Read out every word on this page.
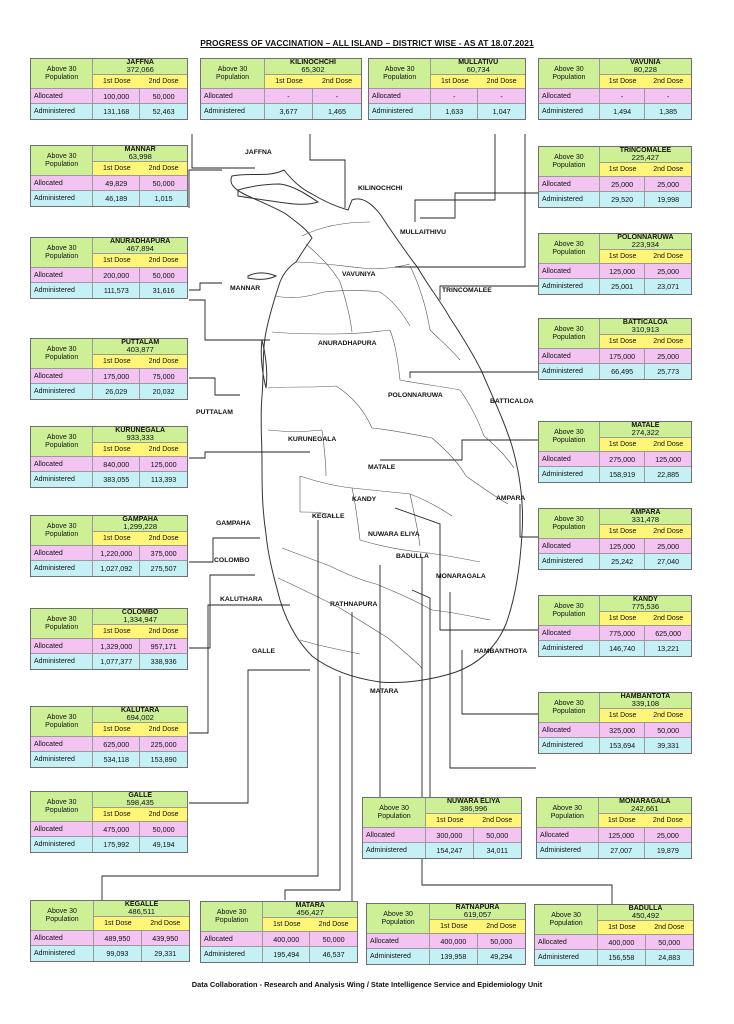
PROGRESS OF VACCINATION – ALL ISLAND – DISTRICT WISE - AS AT 18.07.2021
JAFFNA
KILINOCHCHI
MULLAITHIVU
VAVUNIYA
MANNAR	TRINCOMALEE
ANURADHAPURA
POLONNARUWA
BATTICALOA
PUTTALAM
KURUNEGALA
MATALE
KANDY	AMPARA
GAMPAHA
KEGALLE
NUWARA ELIYA
BADULLA
COLOMBO
MONARAGALA
KALUTHARA
RATHNAPURA
GALLE	HAMBANTHOTA
MATARA
Above 30
Population
JAFFNA
372,066
1st Dose	2nd Dose
Allocated	100,000	50,000
Administered	131,168	52,463
Above 30
Population
KILINOCHCHI
65,302
1st Dose	2nd Dose
Allocated	-	-
Administered	3,677	1,465
Above 30
Population
MULLATIVU
60,734
1st Dose	2nd Dose
Allocated	-	-
Administered	1,633	1,047
Above 30
Population
VAVUNIA
80,228
1st Dose	2nd Dose
Allocated	-	-
Administered	1,494	1,385
Above 30
Population
MANNAR
63,998
1st Dose	2nd Dose
Allocated	49,829	50,000
Administered	46,189	1,015
Above 30
Population
TRINCOMALEE
225,427
1st Dose	2nd Dose
Allocated	25,000	25,000
Administered	29,520	19,998
Above 30
Population
ANURADHAPURA
467,894
1st Dose	2nd Dose
Allocated	200,000	50,000
Administered	111,573	31,616
Above 30
Population
POLONNARUWA
223,934
1st Dose	2nd Dose
Allocated	125,000	25,000
Administered	25,001	23,071
Above 30
Population
BATTICALOA
310,913
1st Dose	2nd Dose
Allocated	175,000	25,000
Administered	66,495	25,773
Above 30
Population
PUTTALAM
403,877
1st Dose	2nd Dose
Allocated	175,000	75,000
Administered	26,029	20,032
Above 30
Population
MATALE
274,322
1st Dose	2nd Dose
Allocated	275,000	125,000
Administered	158,919	22,885
Above 30
Population
KURUNEGALA
933,333
1st Dose	2nd Dose
Allocated	840,000	125,000
Administered	383,055	113,393
Above 30
Population
AMPARA
331,478
1st Dose	2nd Dose
Allocated	125,000	25,000
Administered	25,242	27,040
Above 30
Population
GAMPAHA
1,299,228
1st Dose	2nd Dose
Allocated	1,220,000	375,000
Administered	1,027,092	275,507
Above 30
Population
KANDY
775,536
1st Dose	2nd Dose
Allocated	775,000	625,000
Administered	146,740	13,221
Above 30
Population
COLOMBO
1,334,947
1st Dose	2nd Dose
Allocated	1,329,000	957,171
Administered	1,077,377	338,936
Above 30
Population
HAMBANTOTA
339,108
1st Dose	2nd Dose
Allocated	325,000	50,000
Administered	153,694	39,331
Above 30
Population
KALUTARA
694,002
1st Dose	2nd Dose
Allocated	625,000	225,000
Administered	534,118	153,890
Above 30
Population
GALLE
598,435
1st Dose	2nd Dose
Allocated	475,000	50,000
Administered	175,992	49,194
Above 30
Population
NUWARA ELIYA
386,996
1st Dose	2nd Dose
Allocated	300,000	50,000
Administered	154,247	34,011
Above 30
Population
MONARAGALA
242,661
1st Dose	2nd Dose
Allocated	125,000	25,000
Administered	27,007	19,879
Above 30
Population
KEGALLE
486,511
1st Dose	2nd Dose
Allocated	489,950	439,950
Administered	99,093	29,331
Above 30
Population
MATARA
456,427
1st Dose	2nd Dose
Allocated	400,000	50,000
Administered	195,494	46,537
Above 30
Population
RATNAPURA
619,057
1st Dose	2nd Dose
Allocated	400,000	50,000
Administered	139,958	49,294
Above 30
Population
BADULLA
450,492
1st Dose	2nd Dose
Allocated	400,000	50,000
Administered	156,558	24,883
Data Collaboration - Research and Analysis Wing / State Intelligence Service and Epidemiology Unit
